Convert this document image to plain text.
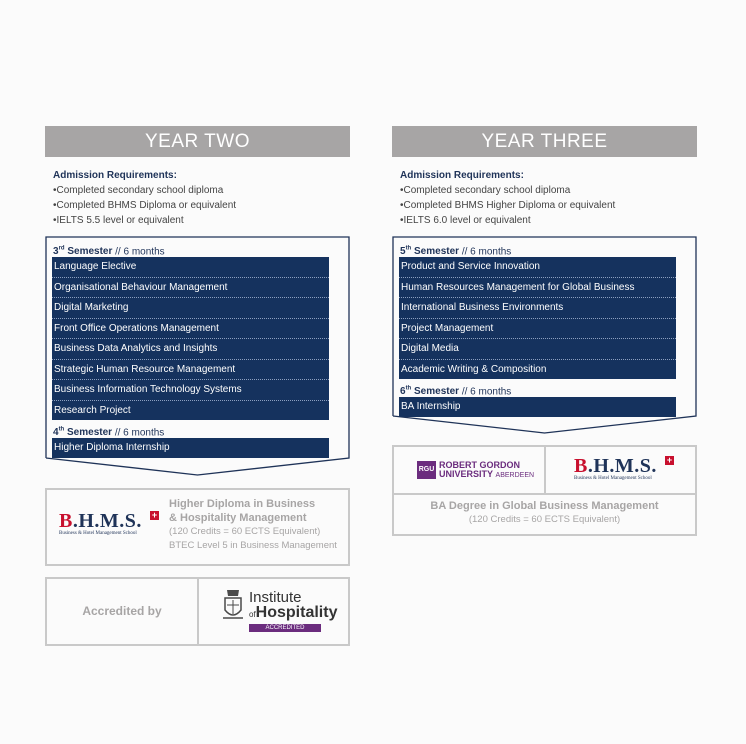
YEAR TWO
Admission Requirements:
• Completed secondary school diploma
• Completed BHMS Diploma or equivalent
• IELTS 5.5 level or equivalent
3rd Semester // 6 months
Language Elective
Organisational Behaviour Management
Digital Marketing
Front Office Operations Management
Business Data Analytics and Insights
Strategic Human Resource Management
Business Information Technology Systems
Research Project
4th Semester // 6 months
Higher Diploma Internship
B.H.M.S.
Business & Hotel Management School
+
Higher Diploma in Business
& Hospitality Management
(120 Credits = 60 ECTS Equivalent)
BTEC Level 5 in Business Management
Accredited by
Institute
ofHospitality
ACCREDITED
YEAR THREE
Admission Requirements:
• Completed secondary school diploma
• Completed BHMS Higher Diploma or equivalent
• IELTS 6.0 level or equivalent
5th Semester // 6 months
Product and Service Innovation
Human Resources Management for Global Business
International Business Environments
Project Management
Digital Media
Academic Writing & Composition
6th Semester // 6 months
BA Internship
RGU ROBERT GORDON
UNIVERSITY ABERDEEN B.H.M.S.
Business & Hotel Management School
+
BA Degree in Global Business Management
(120 Credits = 60 ECTS Equivalent)
